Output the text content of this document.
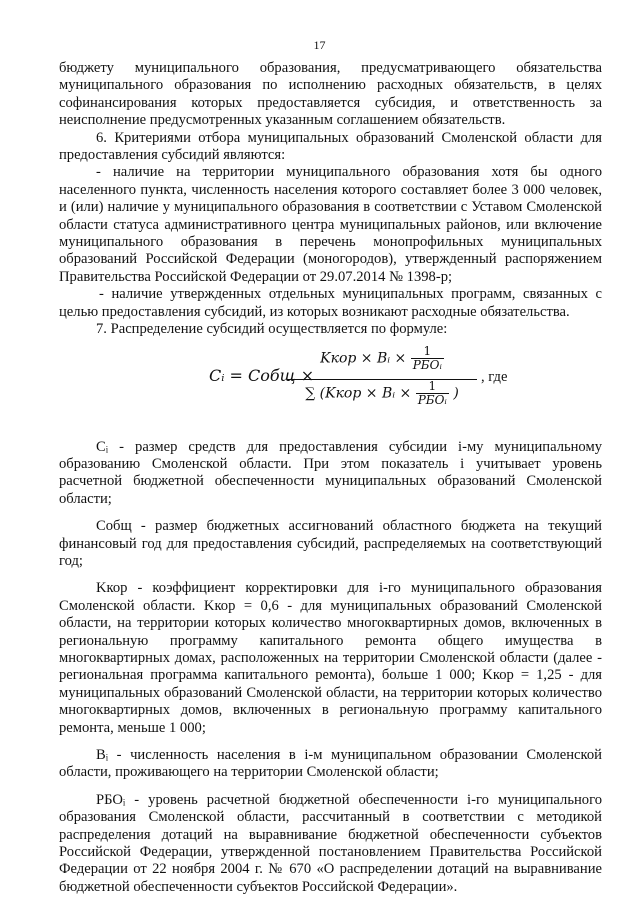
17

бюджету муниципального образования, предусматривающего обязательства муниципального образования по исполнению расходных обязательств, в целях софинансирования которых предоставляется субсидия, и ответственность за неисполнение предусмотренных указанным соглашением обязательств.

6. Критериями отбора муниципальных образований Смоленской области для предоставления субсидий являются:

- наличие на территории муниципального образования хотя бы одного населенного пункта, численность населения которого составляет более 3 000 человек, и (или) наличие у муниципального образования в соответствии с Уставом Смоленской области статуса административного центра муниципальных районов, или включение муниципального образования в перечень монопрофильных муниципальных образований Российской Федерации (моногородов), утвержденный распоряжением Правительства Российской Федерации от 29.07.2014 № 1398-р;

- наличие утвержденных отдельных муниципальных программ, связанных с целью предоставления субсидий, из которых возникают расходные обязательства.

7. Распределение субсидий осуществляется по формуле:

Cᵢ = Cобщ ×
Kкор × Bᵢ ×	1
РБОᵢ
∑ (Kкор × Bᵢ ×	1
РБОᵢ )
, где

Cᵢ - размер средств для предоставления субсидии i-му муниципальному образованию Смоленской области. При этом показатель i учитывает уровень расчетной бюджетной обеспеченности муниципальных образований Смоленской области;

Cобщ - размер бюджетных ассигнований областного бюджета на текущий финансовый год для предоставления субсидий, распределяемых на соответствующий год;

Kкор - коэффициент корректировки для i-го муниципального образования Смоленской области. Kкор = 0,6 - для муниципальных образований Смоленской области, на территории которых количество многоквартирных домов, включенных в региональную программу капитального ремонта общего имущества в многоквартирных домах, расположенных на территории Смоленской области (далее - региональная программа капитального ремонта), больше 1 000; Kкор = 1,25 - для муниципальных образований Смоленской области, на территории которых количество многоквартирных домов, включенных в региональную программу капитального ремонта, меньше 1 000;

Bᵢ - численность населения в i-м муниципальном образовании Смоленской области, проживающего на территории Смоленской области;

РБОᵢ - уровень расчетной бюджетной обеспеченности i-го муниципального образования Смоленской области, рассчитанный в соответствии с методикой распределения дотаций на выравнивание бюджетной обеспеченности субъектов Российской Федерации, утвержденной постановлением Правительства Российской Федерации от 22 ноября 2004 г. № 670 «О распределении дотаций на выравнивание бюджетной обеспеченности субъектов Российской Федерации».
